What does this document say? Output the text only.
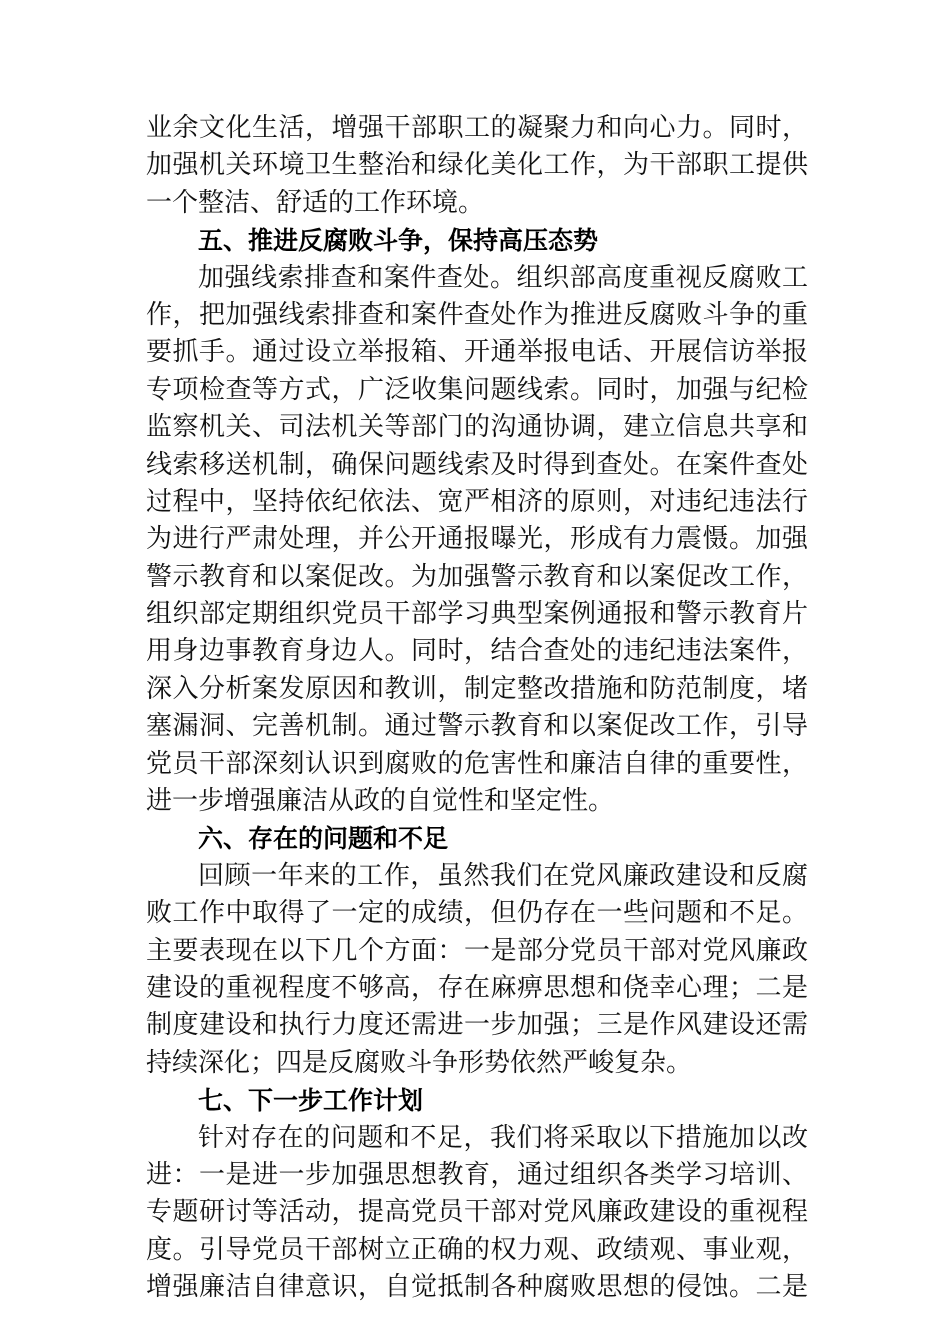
业余文化生活，增强干部职工的凝聚力和向心力。同时，
加强机关环境卫生整治和绿化美化工作，为干部职工提供
一个整洁、舒适的工作环境。
五、推进反腐败斗争，保持高压态势
加强线索排查和案件查处。组织部高度重视反腐败工
作，把加强线索排查和案件查处作为推进反腐败斗争的重
要抓手。通过设立举报箱、开通举报电话、开展信访举报
专项检查等方式，广泛收集问题线索。同时，加强与纪检
监察机关、司法机关等部门的沟通协调，建立信息共享和
线索移送机制，确保问题线索及时得到查处。在案件查处
过程中，坚持依纪依法、宽严相济的原则，对违纪违法行
为进行严肃处理，并公开通报曝光，形成有力震慑。加强
警示教育和以案促改。为加强警示教育和以案促改工作，
组织部定期组织党员干部学习典型案例通报和警示教育片
用身边事教育身边人。同时，结合查处的违纪违法案件，
深入分析案发原因和教训，制定整改措施和防范制度，堵
塞漏洞、完善机制。通过警示教育和以案促改工作，引导
党员干部深刻认识到腐败的危害性和廉洁自律的重要性，
进一步增强廉洁从政的自觉性和坚定性。
六、存在的问题和不足
回顾一年来的工作，虽然我们在党风廉政建设和反腐
败工作中取得了一定的成绩，但仍存在一些问题和不足。
主要表现在以下几个方面：一是部分党员干部对党风廉政
建设的重视程度不够高，存在麻痹思想和侥幸心理；二是
制度建设和执行力度还需进一步加强；三是作风建设还需
持续深化；四是反腐败斗争形势依然严峻复杂。
七、下一步工作计划
针对存在的问题和不足，我们将采取以下措施加以改
进：一是进一步加强思想教育，通过组织各类学习培训、
专题研讨等活动，提高党员干部对党风廉政建设的重视程
度。引导党员干部树立正确的权力观、政绩观、事业观，
增强廉洁自律意识，自觉抵制各种腐败思想的侵蚀。二是
